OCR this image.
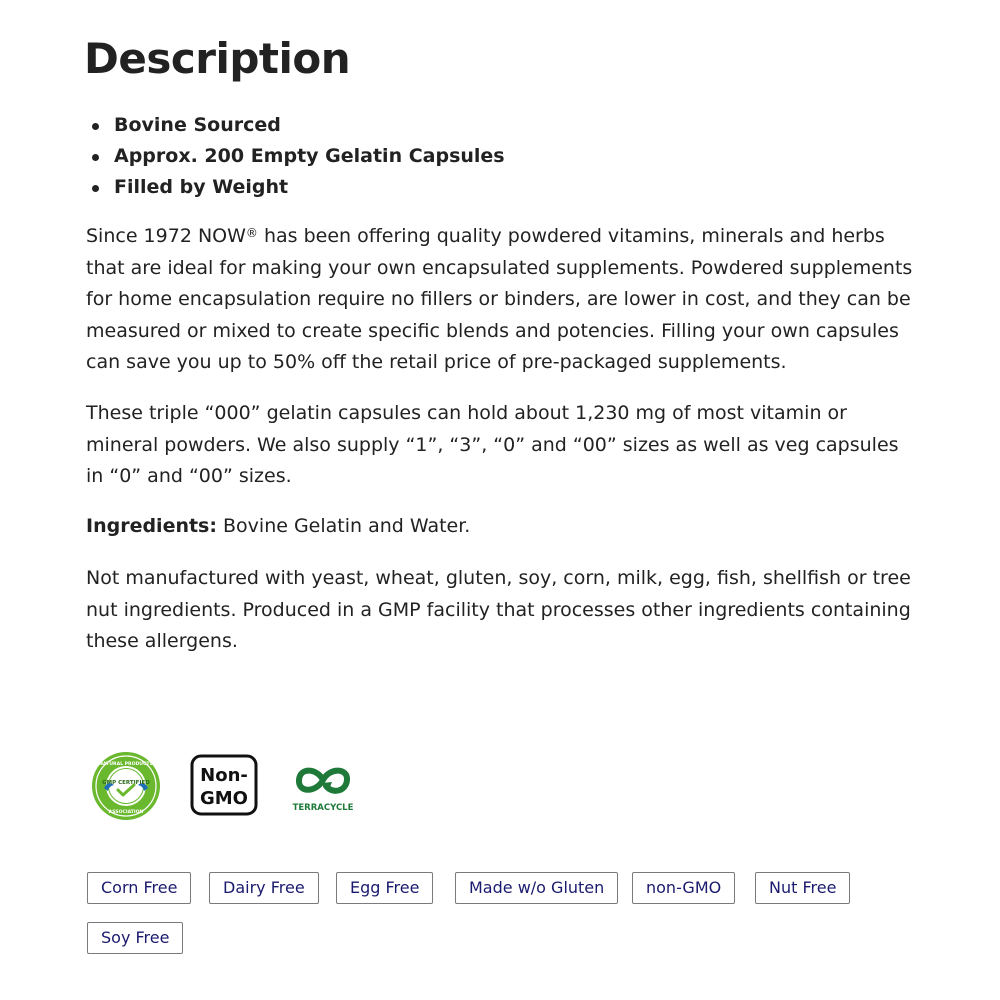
Description
Bovine Sourced
Approx. 200 Empty Gelatin Capsules
Filled by Weight

Since 1972 NOW® has been offering quality powdered vitamins, minerals and herbs that are ideal for making your own encapsulated supplements. Powdered supplements for home encapsulation require no fillers or binders, are lower in cost, and they can be measured or mixed to create specific blends and potencies. Filling your own capsules can save you up to 50% off the retail price of pre-packaged supplements.

These triple “000” gelatin capsules can hold about 1,230 mg of most vitamin or mineral powders. We also supply “1”, “3”, “0” and “00” sizes as well as veg capsules in “0” and “00” sizes.

Ingredients: Bovine Gelatin and Water.

Not manufactured with yeast, wheat, gluten, soy, corn, milk, egg, fish, shellfish or tree nut ingredients. Produced in a GMP facility that processes other ingredients containing these allergens.

GMP CERTIFIED
NATURAL PRODUCTS
ASSOCIATION
Non-
GMO	TERRACYCLE
Corn Free	Dairy Free	Egg Free	Made w/o Gluten	non-GMO	Nut Free
Soy Free
